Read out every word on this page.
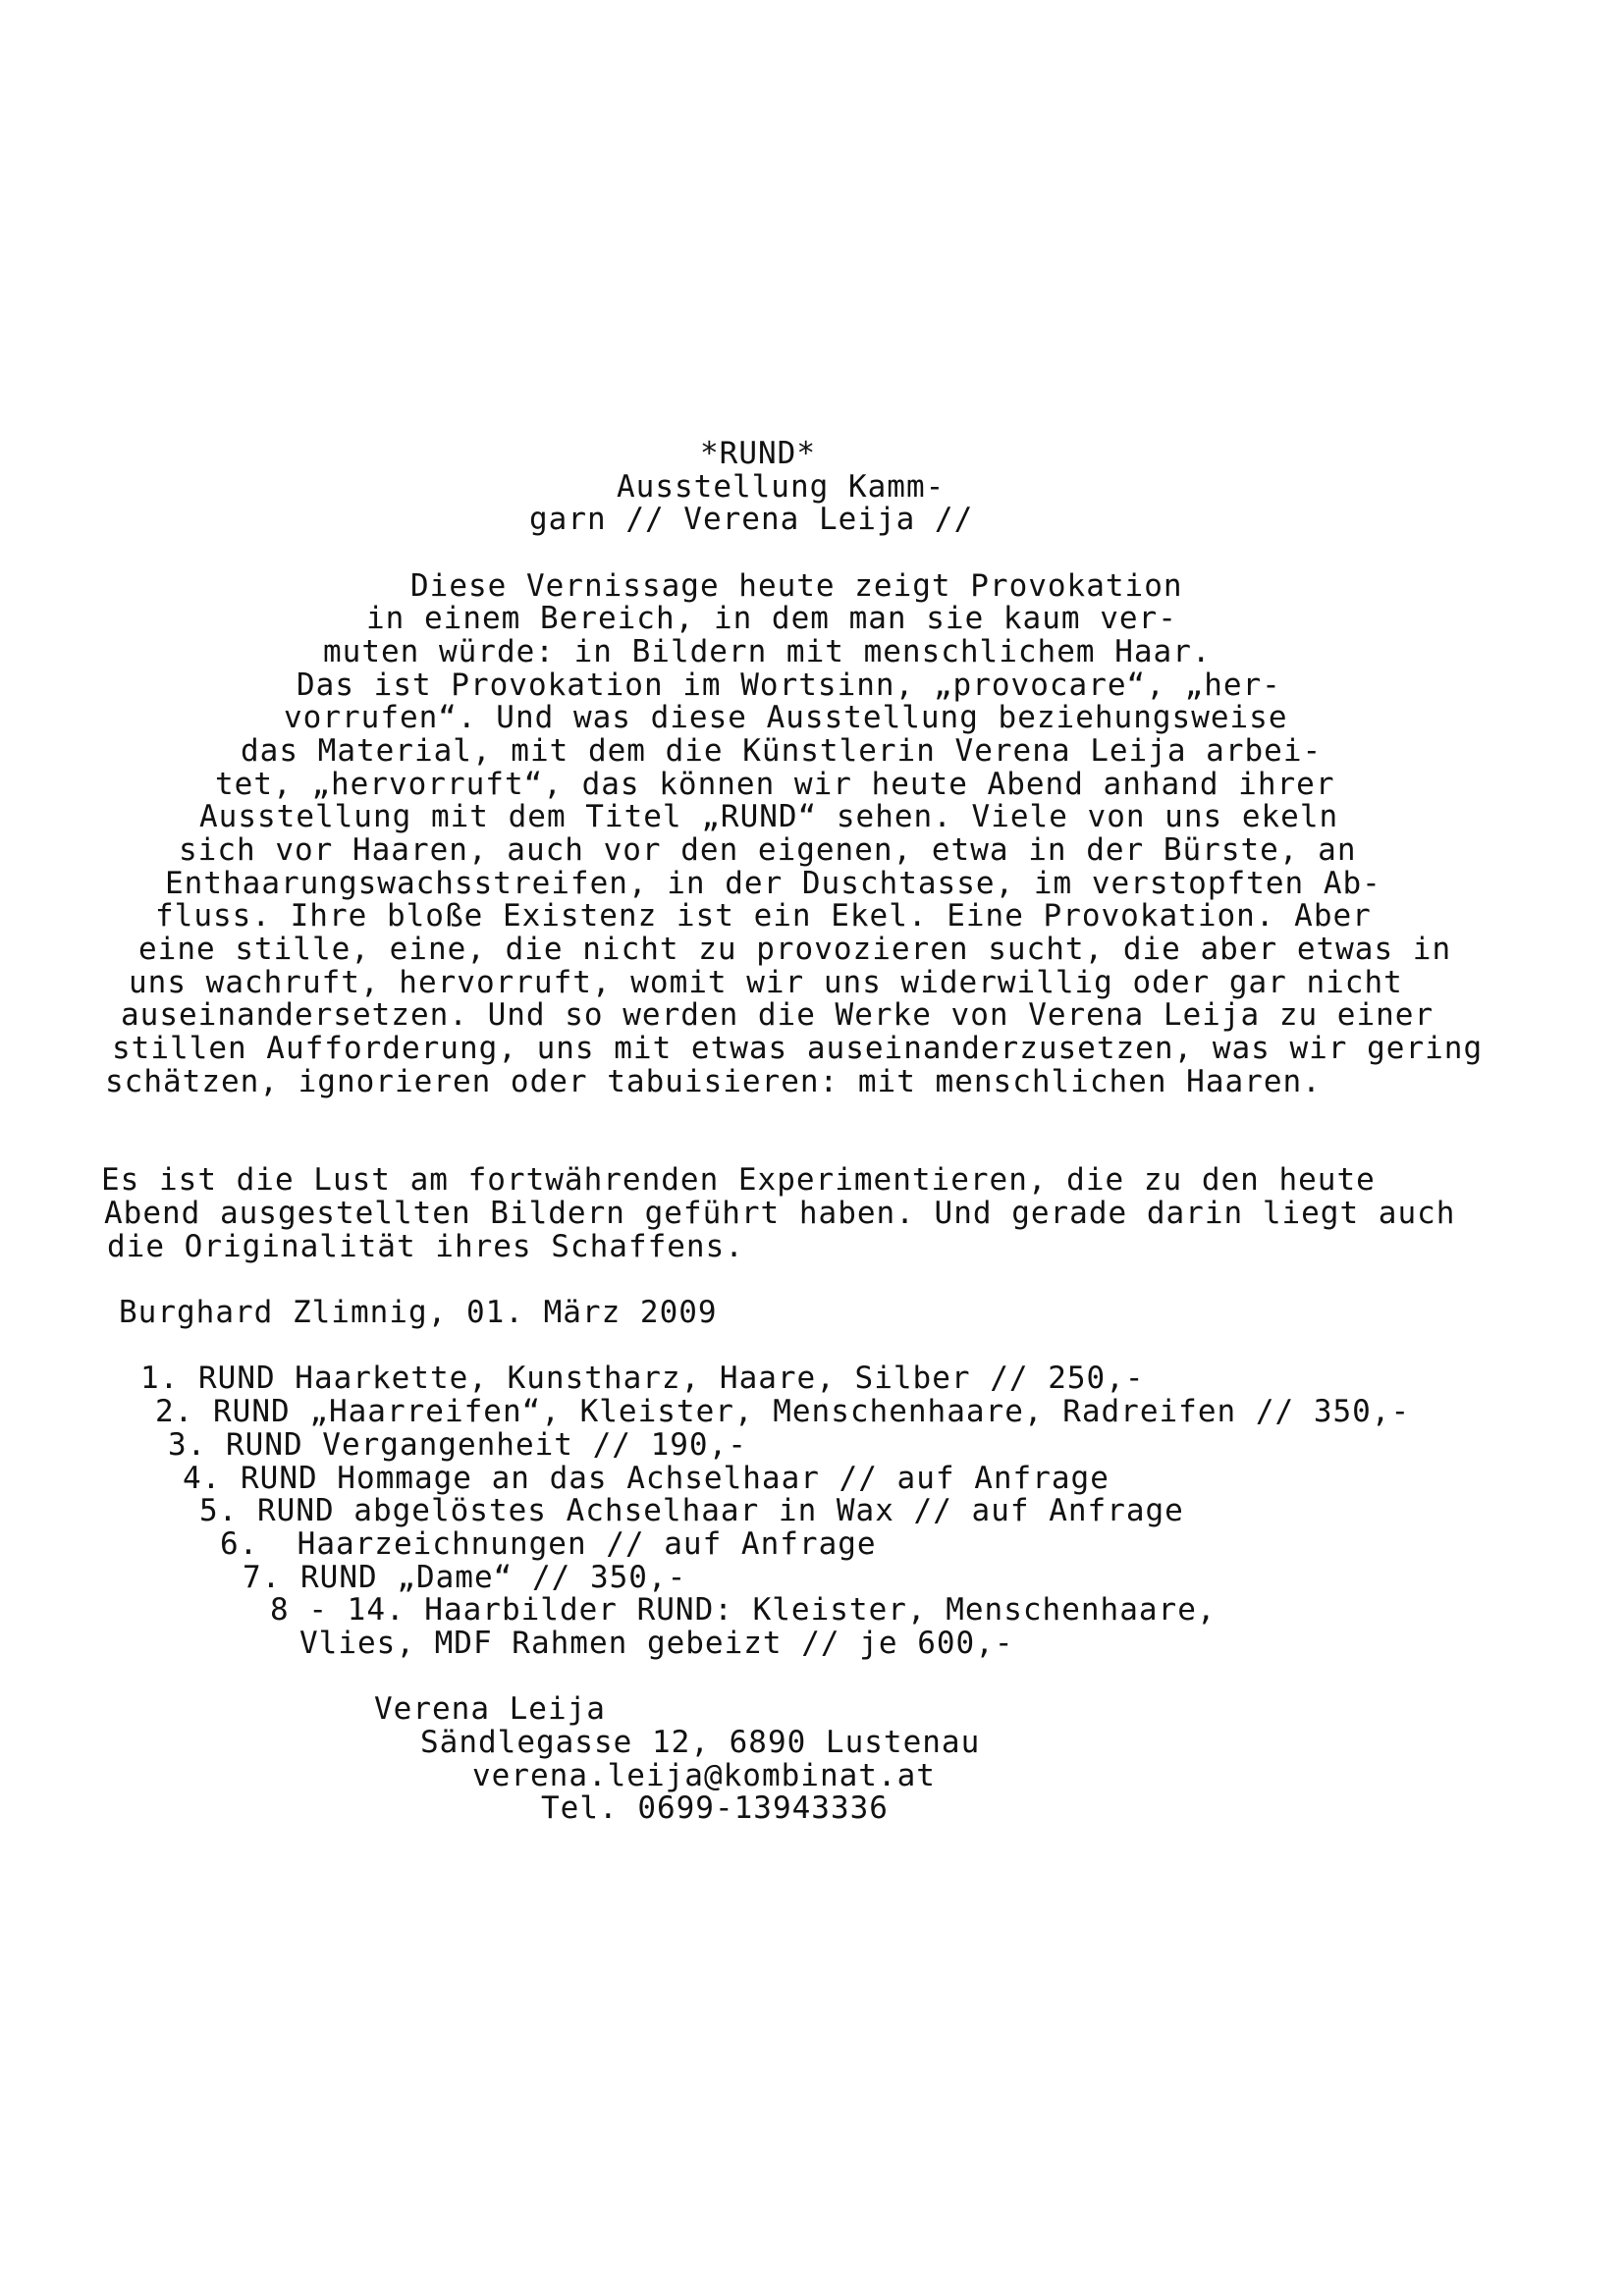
*RUND*
Ausstellung Kamm-
garn // Verena Leija //
Diese Vernissage heute zeigt Provokation
in einem Bereich, in dem man sie kaum ver-
muten würde: in Bildern mit menschlichem Haar.
Das ist Provokation im Wortsinn, „provocare“, „her-
vorrufen“. Und was diese Ausstellung beziehungsweise
das Material, mit dem die Künstlerin Verena Leija arbei-
tet, „hervorruft“, das können wir heute Abend anhand ihrer
Ausstellung mit dem Titel „RUND“ sehen. Viele von uns ekeln
sich vor Haaren, auch vor den eigenen, etwa in der Bürste, an
Enthaarungswachsstreifen, in der Duschtasse, im verstopften Ab-
fluss. Ihre bloße Existenz ist ein Ekel. Eine Provokation. Aber
eine stille, eine, die nicht zu provozieren sucht, die aber etwas in
uns wachruft, hervorruft, womit wir uns widerwillig oder gar nicht
auseinandersetzen. Und so werden die Werke von Verena Leija zu einer
stillen Aufforderung, uns mit etwas auseinanderzusetzen, was wir gering
schätzen, ignorieren oder tabuisieren: mit menschlichen Haaren.
Es ist die Lust am fortwährenden Experimentieren, die zu den heute
Abend ausgestellten Bildern geführt haben. Und gerade darin liegt auch
die Originalität ihres Schaffens.
Burghard Zlimnig, 01. März 2009
1. RUND Haarkette, Kunstharz, Haare, Silber // 250,-
2. RUND „Haarreifen“, Kleister, Menschenhaare, Radreifen // 350,-
3. RUND Vergangenheit // 190,-
4. RUND Hommage an das Achselhaar // auf Anfrage
5. RUND abgelöstes Achselhaar in Wax // auf Anfrage
6.  Haarzeichnungen // auf Anfrage
7. RUND „Dame“ // 350,-
8 - 14. Haarbilder RUND: Kleister, Menschenhaare,
Vlies, MDF Rahmen gebeizt // je 600,-
Verena Leija
Sändlegasse 12, 6890 Lustenau
verena.leija@kombinat.at
Tel. 0699-13943336
